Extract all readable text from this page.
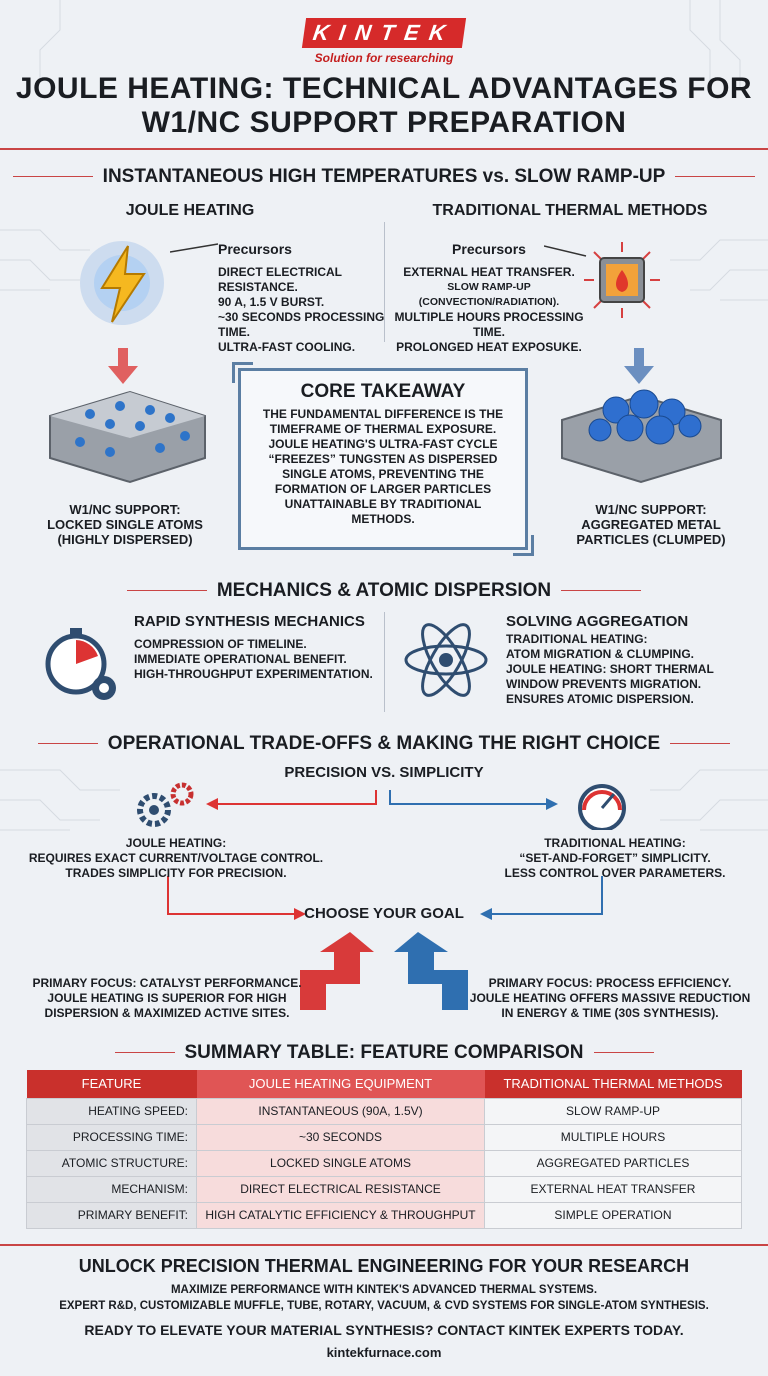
KINTEK
Solution for researching
JOULE HEATING: TECHNICAL ADVANTAGES FOR W1/NC SUPPORT PREPARATION
INSTANTANEOUS HIGH TEMPERATURES vs. SLOW RAMP-UP
JOULE HEATING	TRADITIONAL THERMAL METHODS
Precursors
DIRECT ELECTRICAL RESISTANCE.
90 A, 1.5 V BURST.
~30 SECONDS PROCESSING TIME.
ULTRA-FAST COOLING.
Precursors
EXTERNAL HEAT TRANSFER.
SLOW RAMP-UP (CONVECTION/RADIATION).
MULTIPLE HOURS PROCESSING TIME.
PROLONGED HEAT EXPOSUKE.
W1/NC SUPPORT:
LOCKED SINGLE ATOMS (HIGHLY DISPERSED)
W1/NC SUPPORT:
AGGREGATED METAL PARTICLES (CLUMPED)
CORE TAKEAWAY
THE FUNDAMENTAL DIFFERENCE IS THE TIMEFRAME OF THERMAL EXPOSURE. JOULE HEATING'S ULTRA-FAST CYCLE “FREEZES” TUNGSTEN AS DISPERSED SINGLE ATOMS, PREVENTING THE FORMATION OF LARGER PARTICLES UNATTAINABLE BY TRADITIONAL METHODS.
MECHANICS & ATOMIC DISPERSION
RAPID SYNTHESIS MECHANICS
COMPRESSION OF TIMELINE.
IMMEDIATE OPERATIONAL BENEFIT.
HIGH-THROUGHPUT EXPERIMENTATION.
SOLVING AGGREGATION
TRADITIONAL HEATING:
ATOM MIGRATION & CLUMPING.
JOULE HEATING: SHORT THERMAL
WINDOW PREVENTS MIGRATION.
ENSURES ATOMIC DISPERSION.
OPERATIONAL TRADE-OFFS & MAKING THE RIGHT CHOICE
PRECISION VS. SIMPLICITY
JOULE HEATING:
REQUIRES EXACT CURRENT/VOLTAGE CONTROL.
TRADES SIMPLICITY FOR PRECISION.
TRADITIONAL HEATING:
“SET-AND-FORGET” SIMPLICITY.
LESS CONTROL OVER PARAMETERS.
CHOOSE YOUR GOAL
PRIMARY FOCUS: CATALYST PERFORMANCE.
JOULE HEATING IS SUPERIOR FOR HIGH
DISPERSION & MAXIMIZED ACTIVE SITES.
PRIMARY FOCUS: PROCESS EFFICIENCY.
JOULE HEATING OFFERS MASSIVE REDUCTION
IN ENERGY & TIME (30S SYNTHESIS).
SUMMARY TABLE: FEATURE COMPARISON
FEATURE	JOULE HEATING EQUIPMENT	TRADITIONAL THERMAL METHODS
HEATING SPEED:	INSTANTANEOUS (90A, 1.5V)	SLOW RAMP-UP
PROCESSING TIME:	~30 SECONDS	MULTIPLE HOURS
ATOMIC STRUCTURE:	LOCKED SINGLE ATOMS	AGGREGATED PARTICLES
MECHANISM:	DIRECT ELECTRICAL RESISTANCE	EXTERNAL HEAT TRANSFER
PRIMARY BENEFIT:	HIGH CATALYTIC EFFICIENCY & THROUGHPUT	SIMPLE OPERATION
UNLOCK PRECISION THERMAL ENGINEERING FOR YOUR RESEARCH
MAXIMIZE PERFORMANCE WITH KINTEK'S ADVANCED THERMAL SYSTEMS.
EXPERT R&D, CUSTOMIZABLE MUFFLE, TUBE, ROTARY, VACUUM, & CVD SYSTEMS FOR SINGLE-ATOM SYNTHESIS.
READY TO ELEVATE YOUR MATERIAL SYNTHESIS? CONTACT KINTEK EXPERTS TODAY.
kintekfurnace.com
